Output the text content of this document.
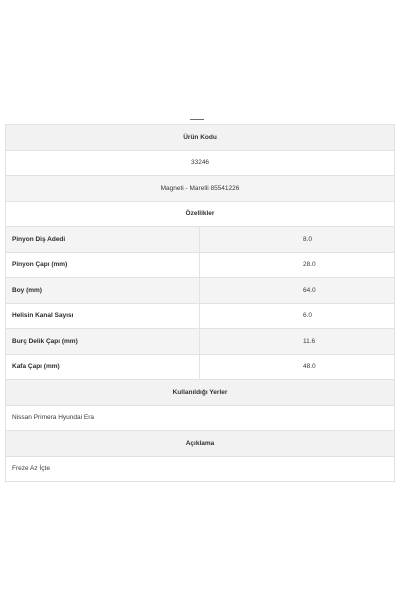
Ürün Kodu	
33246	
Magneti - Marelli 85541226	
Özellikler	
Pinyon Diş Adedi	8.0
Pinyon Çapı (mm)	28.0
Boy (mm)	64.0
Helisin Kanal Sayısı	6.0
Burç Delik Çapı (mm)	11.6
Kafa Çapı (mm)	48.0
Kullanıldığı Yerler	
Nissan Primera Hyundai Era	
Açıklama	
Freze Az İçte	
